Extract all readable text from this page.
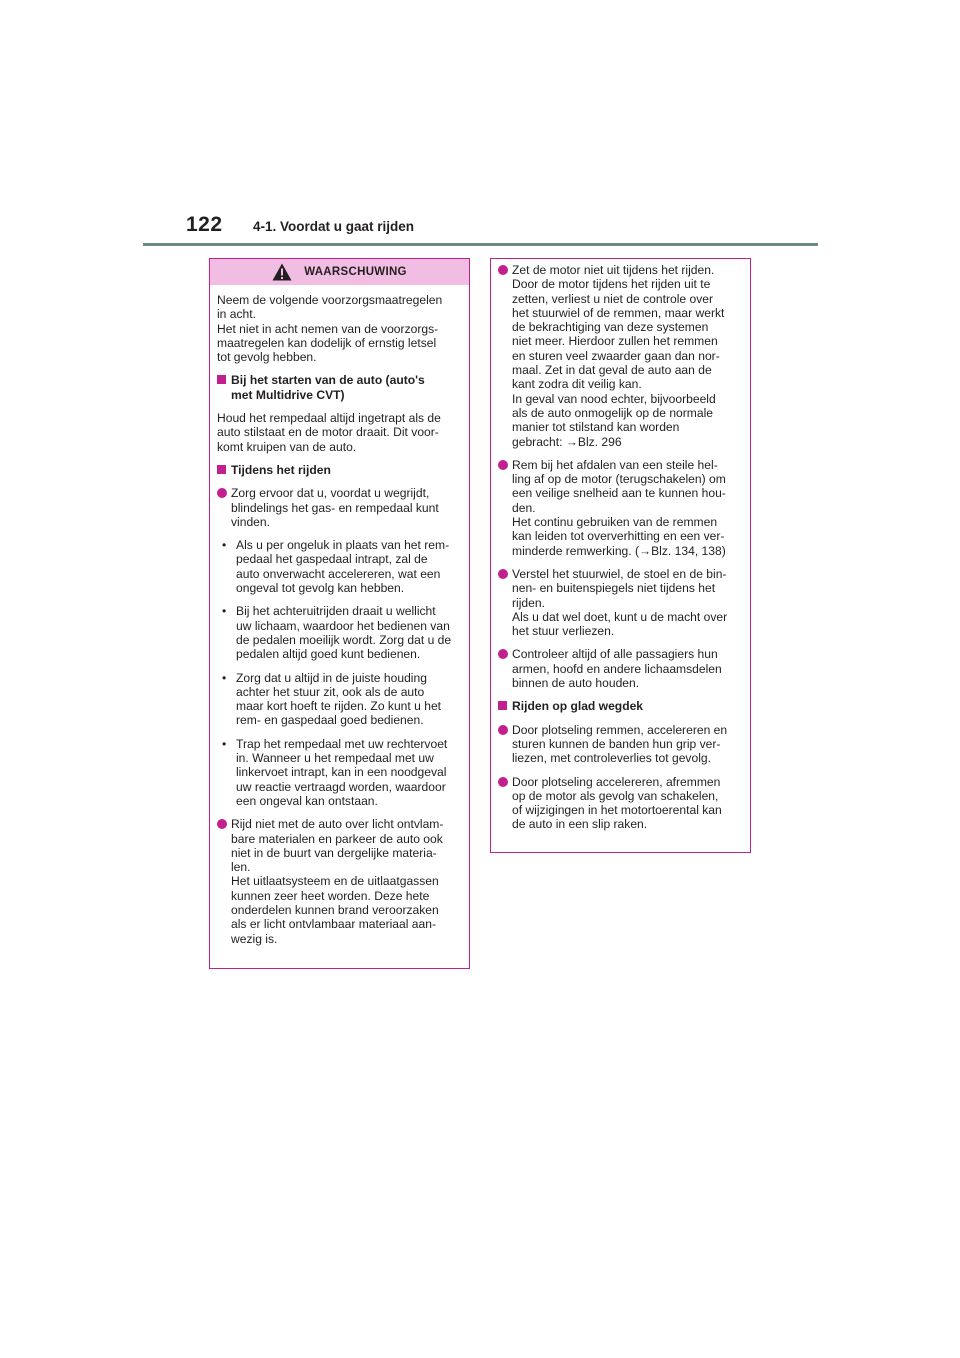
122 4-1. Voordat u gaat rijden
WAARSCHUWING

Neem de volgende voorzorgsmaatregelen
in acht.
Het niet in acht nemen van de voorzorgs-
maatregelen kan dodelijk of ernstig letsel
tot gevolg hebben.

Bij het starten van de auto (auto's
met Multidrive CVT)

Houd het rempedaal altijd ingetrapt als de
auto stilstaat en de motor draait. Dit voor-
komt kruipen van de auto.

Tijdens het rijden
Zorg ervoor dat u, voordat u wegrijdt,
blindelings het gas- en rempedaal kunt
vinden.
• Als u per ongeluk in plaats van het rem-
pedaal het gaspedaal intrapt, zal de
auto onverwacht accelereren, wat een
ongeval tot gevolg kan hebben.
• Bij het achteruitrijden draait u wellicht
uw lichaam, waardoor het bedienen van
de pedalen moeilijk wordt. Zorg dat u de
pedalen altijd goed kunt bedienen.
• Zorg dat u altijd in de juiste houding
achter het stuur zit, ook als de auto
maar kort hoeft te rijden. Zo kunt u het
rem- en gaspedaal goed bedienen.
• Trap het rempedaal met uw rechtervoet
in. Wanneer u het rempedaal met uw
linkervoet intrapt, kan in een noodgeval
uw reactie vertraagd worden, waardoor
een ongeval kan ontstaan.
Rijd niet met de auto over licht ontvlam-
bare materialen en parkeer de auto ook
niet in de buurt van dergelijke materia-
len.
Het uitlaatsysteem en de uitlaatgassen
kunnen zeer heet worden. Deze hete
onderdelen kunnen brand veroorzaken
als er licht ontvlambaar materiaal aan-
wezig is.
Zet de motor niet uit tijdens het rijden.
Door de motor tijdens het rijden uit te
zetten, verliest u niet de controle over
het stuurwiel of de remmen, maar werkt
de bekrachtiging van deze systemen
niet meer. Hierdoor zullen het remmen
en sturen veel zwaarder gaan dan nor-
maal. Zet in dat geval de auto aan de
kant zodra dit veilig kan.
In geval van nood echter, bijvoorbeeld
als de auto onmogelijk op de normale
manier tot stilstand kan worden
gebracht: →Blz. 296
Rem bij het afdalen van een steile hel-
ling af op de motor (terugschakelen) om
een veilige snelheid aan te kunnen hou-
den.
Het continu gebruiken van de remmen
kan leiden tot oververhitting en een ver-
minderde remwerking. (→Blz. 134, 138)
Verstel het stuurwiel, de stoel en de bin-
nen- en buitenspiegels niet tijdens het
rijden.
Als u dat wel doet, kunt u de macht over
het stuur verliezen.
Controleer altijd of alle passagiers hun
armen, hoofd en andere lichaamsdelen
binnen de auto houden.
Rijden op glad wegdek
Door plotseling remmen, accelereren en
sturen kunnen de banden hun grip ver-
liezen, met controleverlies tot gevolg.
Door plotseling accelereren, afremmen
op de motor als gevolg van schakelen,
of wijzigingen in het motortoerental kan
de auto in een slip raken.
